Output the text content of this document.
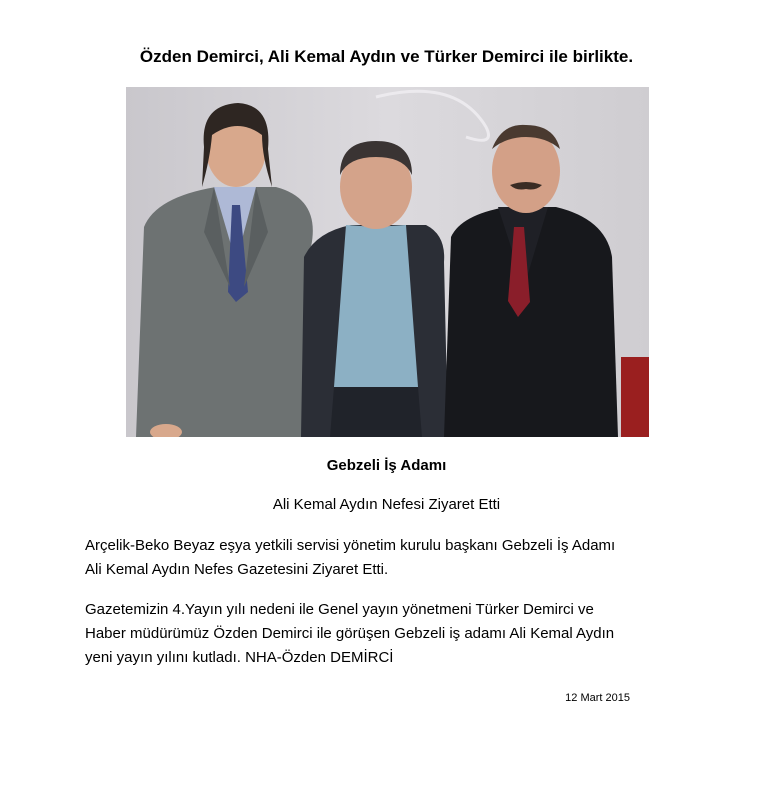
Özden Demirci, Ali Kemal Aydın ve Türker Demirci ile birlikte.
Gebzeli İş Adamı
Ali Kemal Aydın Nefesi Ziyaret Etti
Arçelik-Beko Beyaz eşya yetkili servisi yönetim kurulu başkanı Gebzeli İş Adamı
Ali Kemal Aydın Nefes Gazetesini Ziyaret Etti.
Gazetemizin 4.Yayın yılı nedeni ile Genel yayın yönetmeni Türker Demirci ve
Haber müdürümüz Özden Demirci ile görüşen Gebzeli iş adamı Ali Kemal Aydın
yeni yayın yılını kutladı. NHA-Özden DEMİRCİ
12 Mart 2015
